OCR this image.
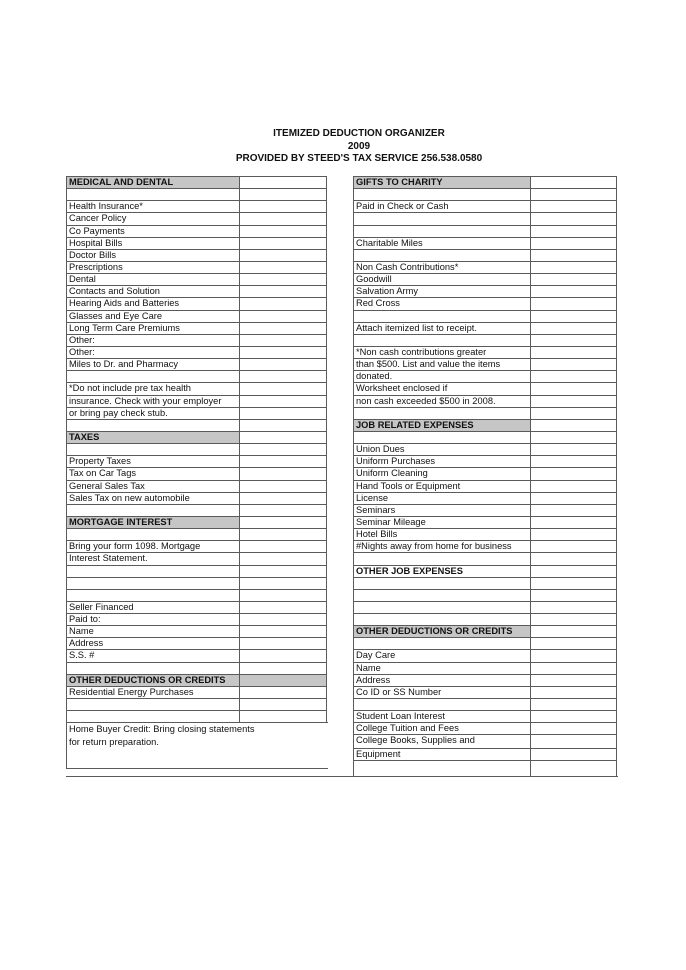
ITEMIZED DEDUCTION ORGANIZER
2009
PROVIDED BY STEED'S TAX SERVICE 256.538.0580
MEDICAL AND DENTAL
Health Insurance*
Cancer Policy
Co Payments
Hospital Bills
Doctor Bills
Prescriptions
Dental
Contacts and Solution
Hearing Aids and Batteries
Glasses and Eye Care
Long Term Care Premiums
Other:
Other:
Miles to Dr. and Pharmacy
*Do not include pre tax health
insurance. Check with your employer
or bring pay check stub.
TAXES
Property Taxes
Tax on Car Tags
General Sales Tax
Sales Tax on new automobile
MORTGAGE INTEREST
Bring your form 1098. Mortgage
Interest Statement.
Seller Financed
Paid to:
Name
Address
S.S. #
OTHER DEDUCTIONS OR CREDITS
Residential Energy Purchases
Home Buyer Credit: Bring closing statements
for return preparation.
GIFTS TO CHARITY
Paid in Check or Cash
Charitable Miles
Non Cash Contributions*
Goodwill
Salvation Army
Red Cross
Attach itemized list to receipt.
*Non cash contributions greater
than $500. List and value the items
donated.
Worksheet enclosed if
non cash exceeded $500 in 2008.
JOB RELATED EXPENSES
Union Dues
Uniform Purchases
Uniform Cleaning
Hand Tools or Equipment
License
Seminars
Seminar Mileage
Hotel Bills
#Nights away from home for business
OTHER JOB EXPENSES
OTHER DEDUCTIONS OR CREDITS
Day Care
Name
Address
Co ID or SS Number
Student Loan Interest
College Tuition and Fees
College Books, Supplies and
Equipment
